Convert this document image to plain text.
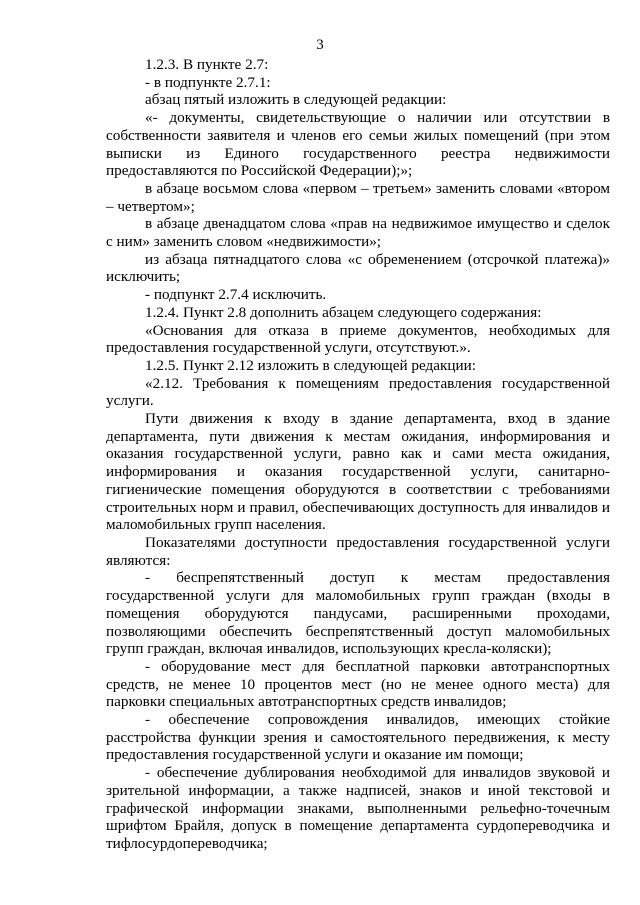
3

1.2.3. В пункте 2.7:

- в подпункте 2.7.1:

абзац пятый изложить в следующей редакции:

«- документы, свидетельствующие о наличии или отсутствии в собственности заявителя и членов его семьи жилых помещений (при этом выписки из Единого государственного реестра недвижимости предоставляются по Российской Федерации);»;

в абзаце восьмом слова «первом – третьем» заменить словами «втором – четвертом»;

в абзаце двенадцатом слова «прав на недвижимое имущество и сделок с ним» заменить словом «недвижимости»;

из абзаца пятнадцатого слова «с обременением (отсрочкой платежа)» исключить;

- подпункт 2.7.4 исключить.

1.2.4. Пункт 2.8 дополнить абзацем следующего содержания:

«Основания для отказа в приеме документов, необходимых для предоставления государственной услуги, отсутствуют.».

1.2.5. Пункт 2.12 изложить в следующей редакции:

«2.12. Требования к помещениям предоставления государственной услуги.

Пути движения к входу в здание департамента, вход в здание департамента, пути движения к местам ожидания, информирования и оказания государственной услуги, равно как и сами места ожидания, информирования и оказания государственной услуги, санитарно-гигиенические помещения оборудуются в соответствии с требованиями строительных норм и правил, обеспечивающих доступность для инвалидов и маломобильных групп населения.

Показателями доступности предоставления государственной услуги являются:

- беспрепятственный доступ к местам предоставления государственной услуги для маломобильных групп граждан (входы в помещения оборудуются пандусами, расширенными проходами, позволяющими обеспечить беспрепятственный доступ маломобильных групп граждан, включая инвалидов, использующих кресла-коляски);

- оборудование мест для бесплатной парковки автотранспортных средств, не менее 10 процентов мест (но не менее одного места) для парковки специальных автотранспортных средств инвалидов;

- обеспечение сопровождения инвалидов, имеющих стойкие расстройства функции зрения и самостоятельного передвижения, к месту предоставления государственной услуги и оказание им помощи;

- обеспечение дублирования необходимой для инвалидов звуковой и зрительной информации, а также надписей, знаков и иной текстовой и графической информации знаками, выполненными рельефно-точечным шрифтом Брайля, допуск в помещение департамента сурдопереводчика и тифлосурдопереводчика;
